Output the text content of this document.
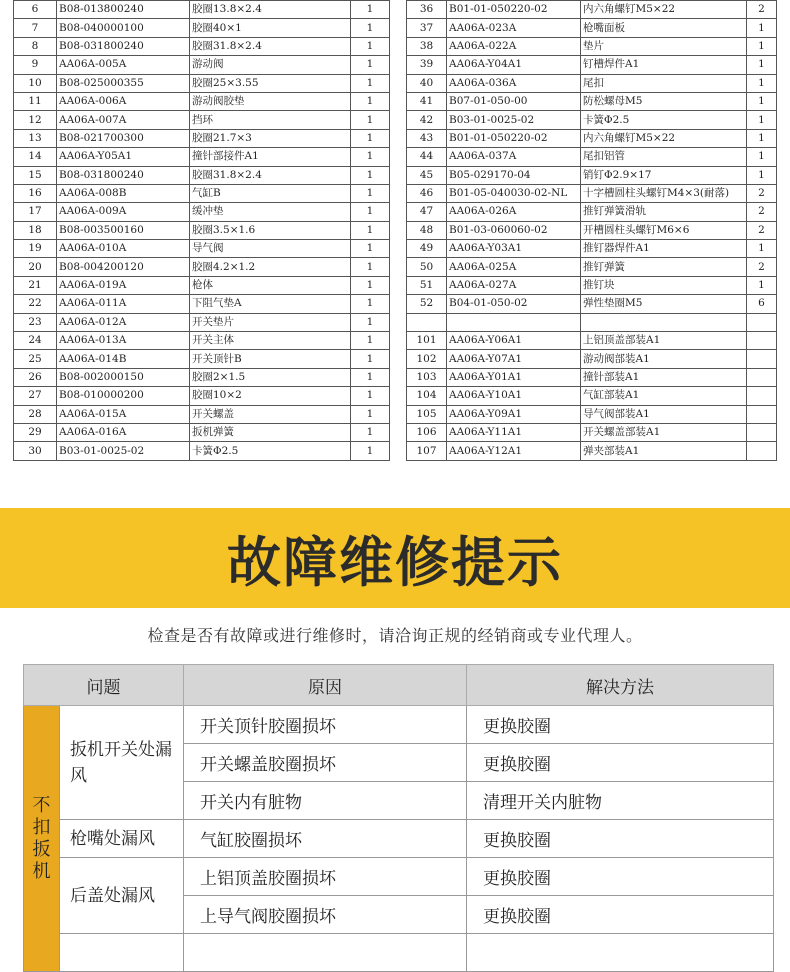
6	B08-013800240	胶圈13.8×2.4	1		36	B01-01-050220-02	内六角螺钉M5×22	2
7	B08-040000100	胶圈40×1	1		37	AA06A-023A	枪嘴面板	1
8	B08-031800240	胶圈31.8×2.4	1		38	AA06A-022A	垫片	1
9	AA06A-005A	游动阀	1		39	AA06A-Y04A1	钉槽焊件A1	1
10	B08-025000355	胶圈25×3.55	1		40	AA06A-036A	尾扣	1
11	AA06A-006A	游动阀胶垫	1		41	B07-01-050-00	防松螺母M5	1
12	AA06A-007A	挡环	1		42	B03-01-0025-02	卡簧Φ2.5	1
13	B08-021700300	胶圈21.7×3	1		43	B01-01-050220-02	内六角螺钉M5×22	1
14	AA06A-Y05A1	撞针部接件A1	1		44	AA06A-037A	尾扣铝管	1
15	B08-031800240	胶圈31.8×2.4	1		45	B05-029170-04	销钉Φ2.9×17	1
16	AA06A-008B	气缸B	1		46	B01-05-040030-02-NL	十字槽圆柱头螺钉M4×3(耐落)	2
17	AA06A-009A	缓冲垫	1		47	AA06A-026A	推钉弹簧滑轨	2
18	B08-003500160	胶圈3.5×1.6	1		48	B01-03-060060-02	开槽圆柱头螺钉M6×6	2
19	AA06A-010A	导气阀	1		49	AA06A-Y03A1	推钉器焊件A1	1
20	B08-004200120	胶圈4.2×1.2	1		50	AA06A-025A	推钉弹簧	2
21	AA06A-019A	枪体	1		51	AA06A-027A	推钉块	1
22	AA06A-011A	下阻气垫A	1		52	B04-01-050-02	弹性垫圈M5	6
23	AA06A-012A	开关垫片	1					
24	AA06A-013A	开关主体	1		101	AA06A-Y06A1	上铝顶盖部装A1	
25	AA06A-014B	开关顶针B	1		102	AA06A-Y07A1	游动阀部装A1	
26	B08-002000150	胶圈2×1.5	1		103	AA06A-Y01A1	撞针部装A1	
27	B08-010000200	胶圈10×2	1		104	AA06A-Y10A1	气缸部装A1	
28	AA06A-015A	开关螺盖	1		105	AA06A-Y09A1	导气阀部装A1	
29	AA06A-016A	扳机弹簧	1		106	AA06A-Y11A1	开关螺盖部装A1	
30	B03-01-0025-02	卡簧Φ2.5	1		107	AA06A-Y12A1	弹夹部装A1	
故障维修提示
检查是否有故障或进行维修时，请洽询正规的经销商或专业代理人。
问题		原因	解决方法
不扣扳机	扳机开关处漏风	开关顶针胶圈损坏	更换胶圈
		开关螺盖胶圈损坏	更换胶圈
		开关内有脏物	清理开关内脏物
	枪嘴处漏风	气缸胶圈损坏	更换胶圈
	后盖处漏风	上铝顶盖胶圈损坏	更换胶圈
		上导气阀胶圈损坏	更换胶圈
